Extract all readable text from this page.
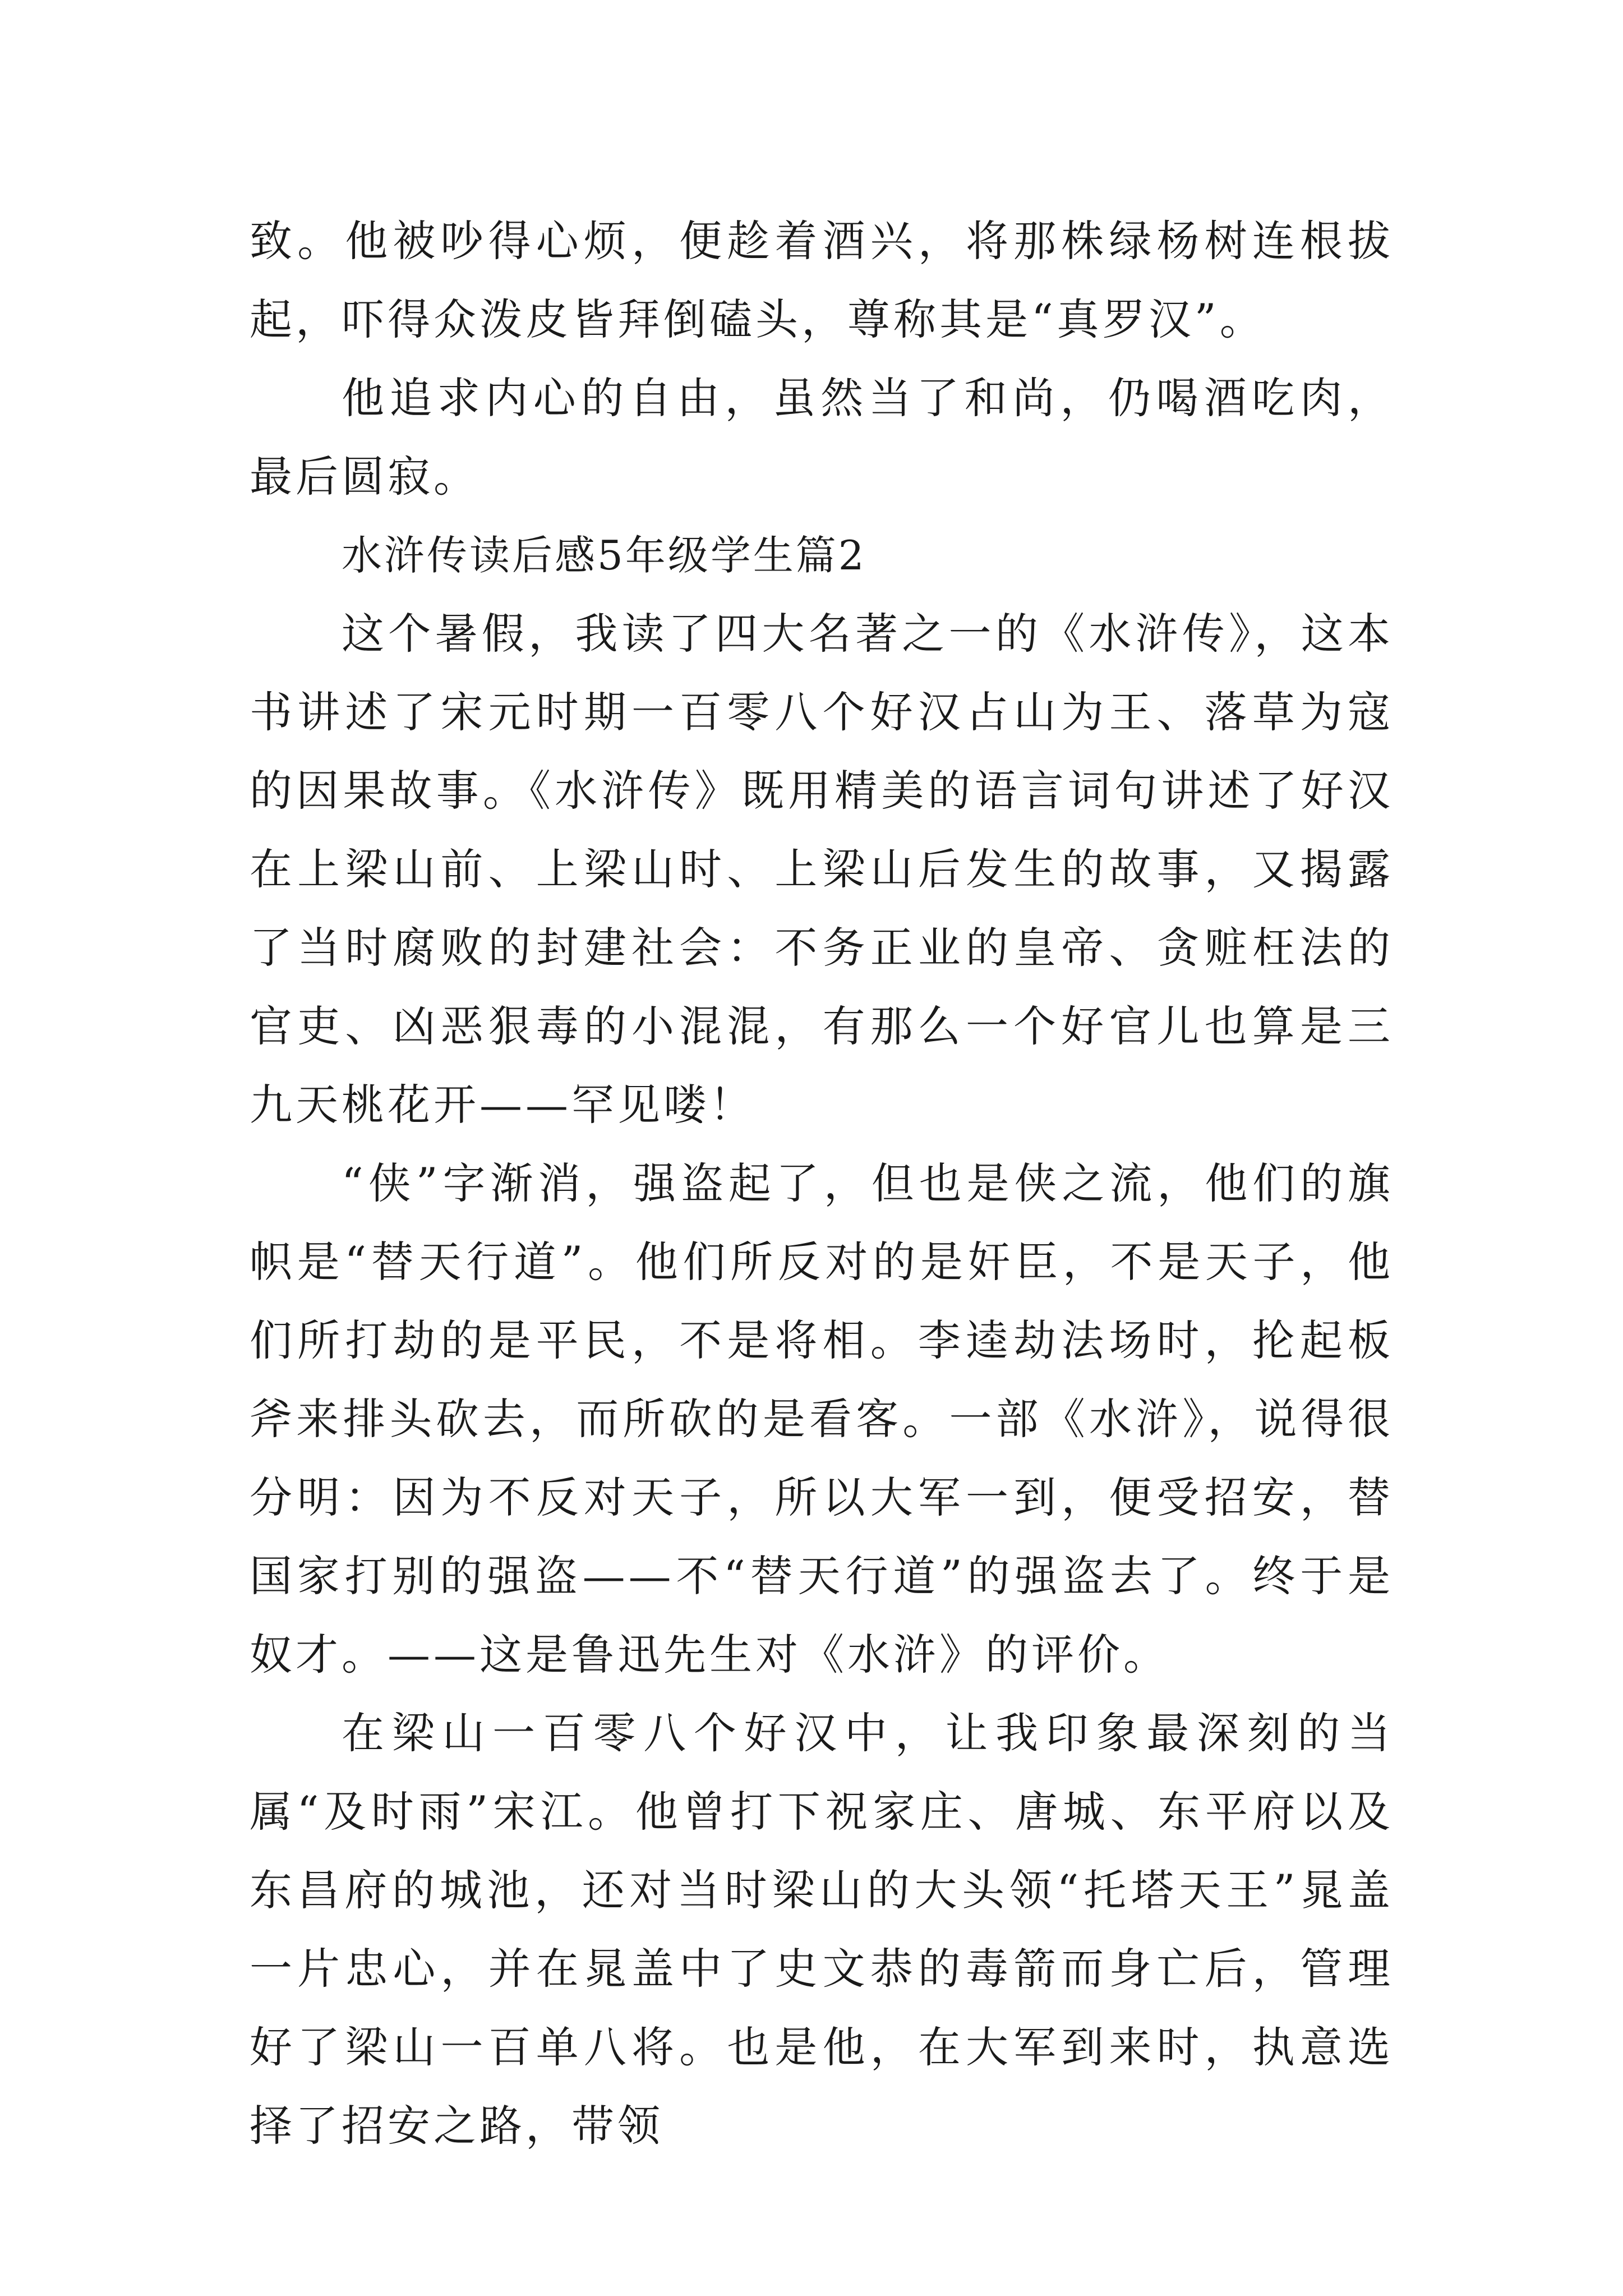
致。他被吵得心烦，便趁着酒兴，将那株绿杨树连根拔起，吓得众泼皮皆拜倒磕头，尊称其是“真罗汉”。

他追求内心的自由，虽然当了和尚，仍喝酒吃肉，最后圆寂。

水浒传读后感5年级学生篇2

这个暑假，我读了四大名著之一的《水浒传》，这本书讲述了宋元时期一百零八个好汉占山为王、落草为寇的因果故事。《水浒传》既用精美的语言词句讲述了好汉在上梁山前、上梁山时、上梁山后发生的故事，又揭露了当时腐败的封建社会：不务正业的皇帝、贪赃枉法的官吏、凶恶狠毒的小混混，有那么一个好官儿也算是三九天桃花开——罕见喽！

“侠”字渐消，强盗起了，但也是侠之流，他们的旗帜是“替天行道”。他们所反对的是奸臣，不是天子，他们所打劫的是平民，不是将相。李逵劫法场时，抡起板斧来排头砍去，而所砍的是看客。一部《水浒》，说得很分明：因为不反对天子，所以大军一到，便受招安，替国家打别的强盗——不“替天行道”的强盗去了。终于是奴才。——这是鲁迅先生对《水浒》的评价。

在梁山一百零八个好汉中，让我印象最深刻的当属“及时雨”宋江。他曾打下祝家庄、唐城、东平府以及东昌府的城池，还对当时梁山的大头领“托塔天王”晁盖一片忠心，并在晁盖中了史文恭的毒箭而身亡后，管理好了梁山一百单八将。也是他，在大军到来时，执意选择了招安之路，带领
